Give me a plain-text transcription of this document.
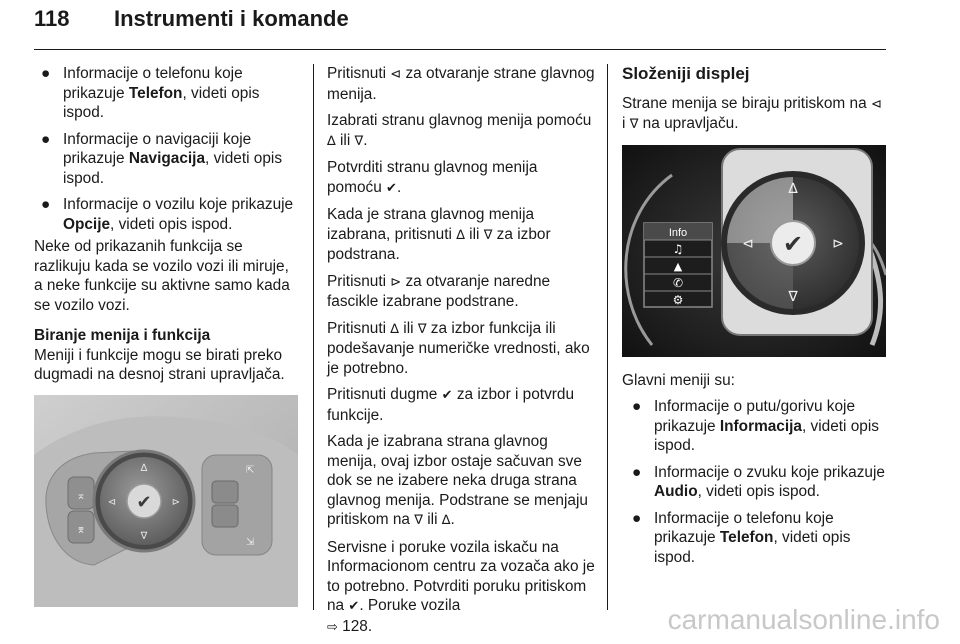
118 Instrumenti i komande
● Informacije o telefonu koje prikazuje Telefon, videti opis ispod.
● Informacije o navigaciji koje prikazuje Navigacija, videti opis ispod.
● Informacije o vozilu koje prikazuje Opcije, videti opis ispod.

Neke od prikazanih funkcija se razlikuju kada se vozilo vozi ili miruje, a neke funkcije su aktivne samo kada se vozilo vozi.

Biranje menija i funkcija

Meniji i funkcije mogu se birati preko dugmadi na desnoj strani upravljača.

⌅
⌆
⇱
⇲
✔
∆
∇
⊲	⊳

Pritisnuti ⊲ za otvaranje strane glavnog menija.

Izabrati stranu glavnog menija pomoću ∆ ili ∇.

Potvrditi stranu glavnog menija pomoću ✔.

Kada je strana glavnog menija izabrana, pritisnuti ∆ ili ∇ za izbor podstrana.

Pritisnuti ⊳ za otvaranje naredne fascikle izabrane podstrane.

Pritisnuti ∆ ili ∇ za izbor funkcija ili podešavanje numeričke vrednosti, ako je potrebno.

Pritisnuti dugme ✔ za izbor i potvrdu funkcije.

Kada je izabrana strana glavnog menija, ovaj izbor ostaje sačuvan sve dok se ne izabere neka druga strana glavnog menija. Podstrane se menjaju pritiskom na ∇ ili ∆.

Servisne i poruke vozila iskaču na Informacionom centru za vozača ako je to potrebno. Potvrditi poruku pritiskom na ✔. Poruke vozila
⇨ 128.

Složeniji displej

Strane menija se biraju pritiskom na ⊲ i ∇ na upravljaču.

✔
∆
∇
⊲	⊳
Info
♫
▲
✆
⚙

Glavni meniji su:

● Informacije o putu/gorivu koje prikazuje Informacija, videti opis ispod.
● Informacije o zvuku koje prikazuje Audio, videti opis ispod.
● Informacije o telefonu koje prikazuje Telefon, videti opis ispod.
carmanualsonline.info
